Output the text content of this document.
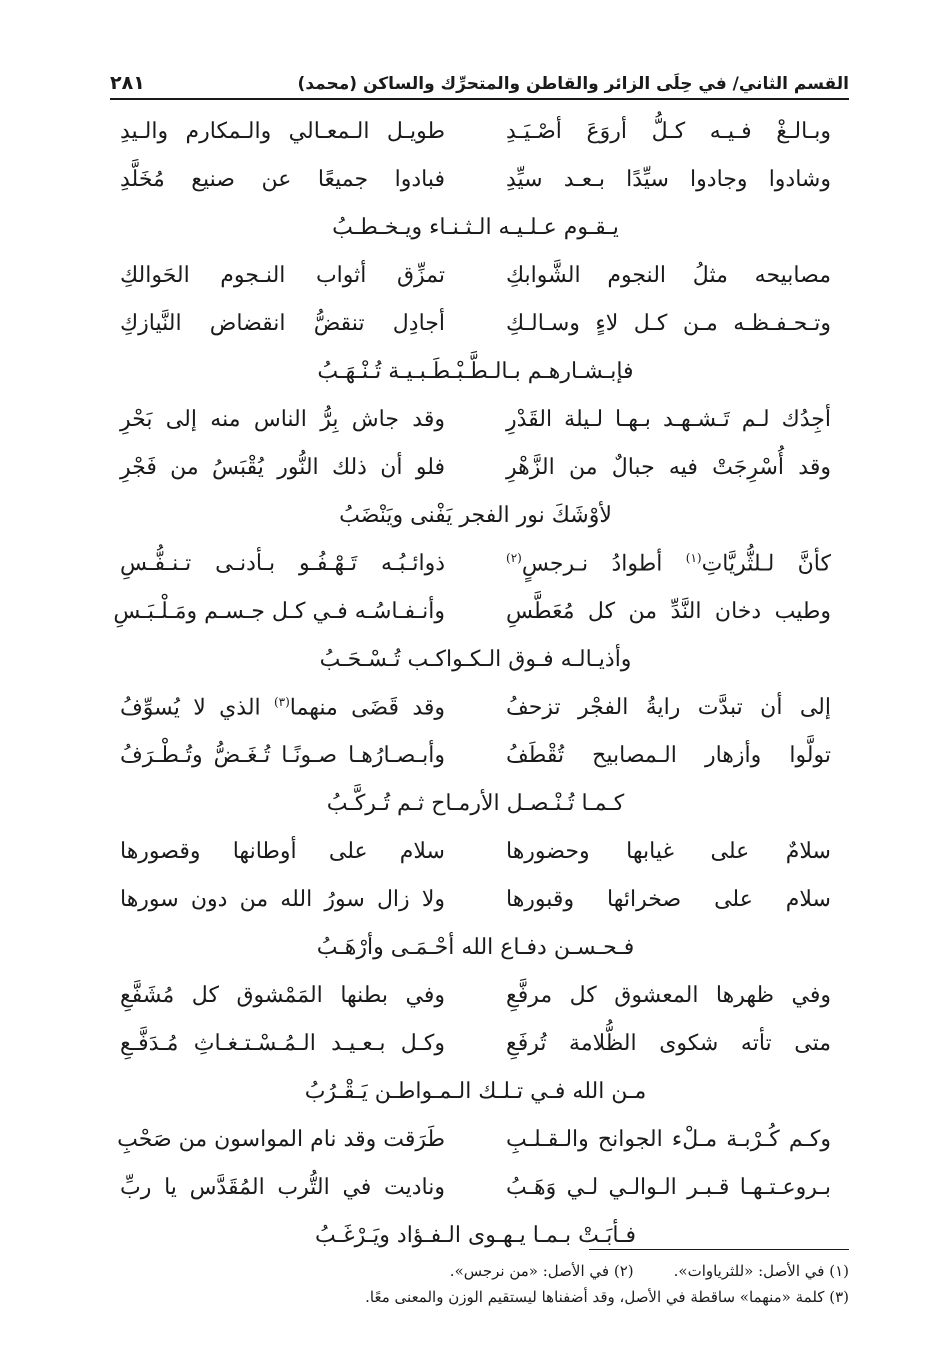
القسم الثاني/ في حِلَى الزائر والقاطن والمتحرِّك والساكن (محمد)
٢٨١
وبـالـغْ فـيـه كـلُّ أروَعَ أصْـيَـدِ
طويـل الـمعـالي والـمكارم والـيدِ
وشادوا وجادوا سيِّدًا بـعـد سيِّدِ
فبادوا جميعًا عن صنيع مُخَلَّدِ
يـقـوم عـلـيـه الـثـنـاء ويـخـطـبُ
مصابيحه مثلُ النجوم الشَّوابكِ
تمزِّق أثواب النـجوم الحَوالكِ
وتـحـفـظـه مـن كـل لاءٍ وسـالـكِ
أجادِل تنقضُّ انقضاض النَّيازكِ
فإبـشـارهـم بـالـطَّـبْـطَـبـيـة تُـنْـهَـبُ
أجِدُك لـم تَـشـهـد بـهـا لـيلة القَدْرِ
وقد جاش بِرُّ الناس منه إلى بَحْرِ
وقد أُسْرِجَتْ فيه جبالٌ من الزَّهْرِ
فلو أن ذلك النُّور يُقْبَسُ من فَجْرِ
لأوْشَكَ نور الفجر يَفْنى ويَنْضَبُ
كأنَّ لـلثُّريَّاتِ$^{(١)}$ أطوادُ نـرجسٍ$^{(٢)}$
ذوائـبُـه تَـهْـفُـو بـأدنـى تـنـفُّـسِ
وطيب دخان النَّدِّ من كل مُعَطَّسِ
وأنـفـاسُـه فـي كـل جـسـم ومَـلْـبَـسِ
وأذيـالـه فـوق الـكـواكـب تُـسْـحَـبُ
إلى أن تبدَّت رايةُ الفجْر تزحفُ
وقد قَضَى منهما$^{(٣)}$ الذي لا يُسوِّفُ
تولَّوا وأزهار الـمصابيح تُقْطَفُ
وأبـصـارُهـا صـونًـا تُـغَـضُّ وتُـطْـرَفُ
كـمـا تُـنْـصـل الأرمـاح ثـم تُـركَّـبُ
سلامٌ على غيابها وحضورها
سلام على أوطانها وقصورها
سلام على صخرائها وقبورها
ولا زال سورُ الله من دون سورها
فـحـسـن دفـاع الله أحْـمَـى وأرْهَـبُ
وفي ظهرها المعشوق كل مرفَّعِ
وفي بطنها المَمْشوق كل مُشَفَّعِ
متى تأته شكوى الظُّلامة تُرفَعِ
وكـل بـعـيـد الـمُـسْـتـغـاثِ مُـدَفَّـعِ
مـن الله فـي تـلـك الـمـواطـن يَـقْـرُبُ
وكـم كُـرْبـة مـلْء الجوانح والـقـلـبِ
طَرَقت وقد نام المواسون من صَحْبِ
بـروعـتـهـا قـبـر الـوالـي لـي وَهَـبُ
وناديت في التُّرب المُقَدَّس يا ربِّ
فـأبَـتْ بـمـا يـهـوى الـفـؤاد ويَـرْغَـبُ
(١) في الأصل: «للثرياوات».(٢) في الأصل: «من نرجس».
(٣) كلمة «منهما» ساقطة في الأصل، وقد أضفناها ليستقيم الوزن والمعنى معًا.
